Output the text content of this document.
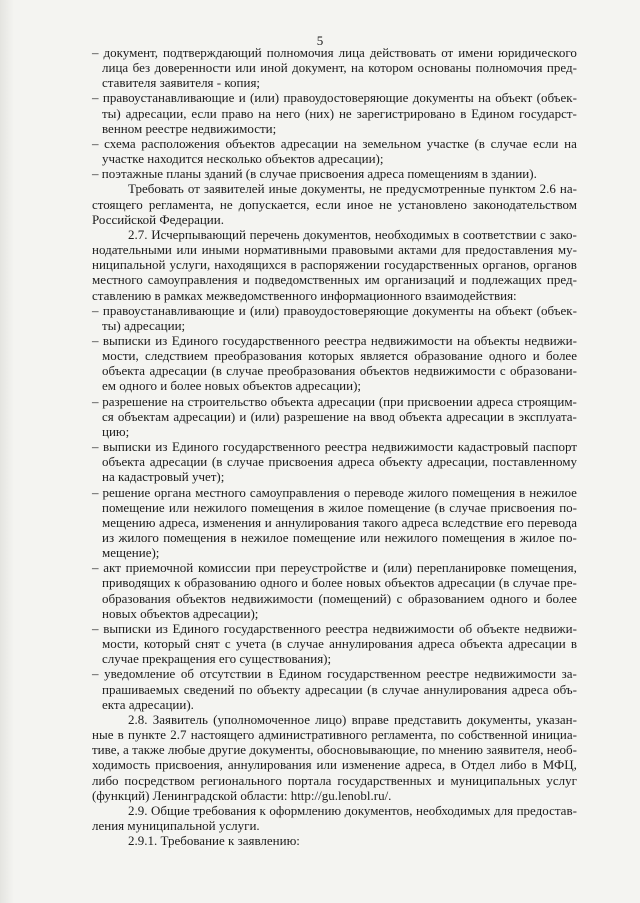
5
– документ, подтверждающий полномочия лица действовать от имени юридического
лица без доверенности или иной документ, на котором основаны полномочия пред-
ставителя заявителя - копия;
– правоустанавливающие и (или) правоудостоверяющие документы на объект (объек-
ты) адресации, если право на него (них) не зарегистрировано в Едином государст-
венном реестре недвижимости;
– схема расположения объектов адресации на земельном участке (в случае если на
участке находится несколько объектов адресации);
– поэтажные планы зданий (в случае присвоения адреса помещениям в здании).
Требовать от заявителей иные документы, не предусмотренные пунктом 2.6 на-
стоящего регламента, не допускается, если иное не установлено законодательством
Российской Федерации.
2.7. Исчерпывающий перечень документов, необходимых в соответствии с зако-
нодательными или иными нормативными правовыми актами для предоставления му-
ниципальной услуги, находящихся в распоряжении государственных органов, органов
местного самоуправления и подведомственных им организаций и подлежащих пред-
ставлению в рамках межведомственного информационного взаимодействия:
– правоустанавливающие и (или) правоудостоверяющие документы на объект (объек-
ты) адресации;
– выписки из Единого государственного реестра недвижимости на объекты недвижи-
мости, следствием преобразования которых является образование одного и более
объекта адресации (в случае преобразования объектов недвижимости с образовани-
ем одного и более новых объектов адресации);
– разрешение на строительство объекта адресации (при присвоении адреса строящим-
ся объектам адресации) и (или) разрешение на ввод объекта адресации в эксплуата-
цию;
– выписки из Единого государственного реестра недвижимости кадастровый паспорт
объекта адресации (в случае присвоения адреса объекту адресации, поставленному
на кадастровый учет);
– решение органа местного самоуправления о переводе жилого помещения в нежилое
помещение или нежилого помещения в жилое помещение (в случае присвоения по-
мещению адреса, изменения и аннулирования такого адреса вследствие его перевода
из жилого помещения в нежилое помещение или нежилого помещения в жилое по-
мещение);
– акт приемочной комиссии при переустройстве и (или) перепланировке помещения,
приводящих к образованию одного и более новых объектов адресации (в случае пре-
образования объектов недвижимости (помещений) с образованием одного и более
новых объектов адресации);
– выписки из Единого государственного реестра недвижимости об объекте недвижи-
мости, который снят с учета (в случае аннулирования адреса объекта адресации в
случае прекращения его существования);
– уведомление об отсутствии в Едином государственном реестре недвижимости за-
прашиваемых сведений по объекту адресации (в случае аннулирования адреса объ-
екта адресации).
2.8. Заявитель (уполномоченное лицо) вправе представить документы, указан-
ные в пункте 2.7 настоящего административного регламента, по собственной инициа-
тиве, а также любые другие документы, обосновывающие, по мнению заявителя, необ-
ходимость присвоения, аннулирования или изменение адреса, в Отдел либо в МФЦ,
либо посредством регионального портала государственных и муниципальных услуг
(функций) Ленинградской области: http://gu.lenobl.ru/.
2.9. Общие требования к оформлению документов, необходимых для предостав-
ления муниципальной услуги.
2.9.1. Требование к заявлению:
